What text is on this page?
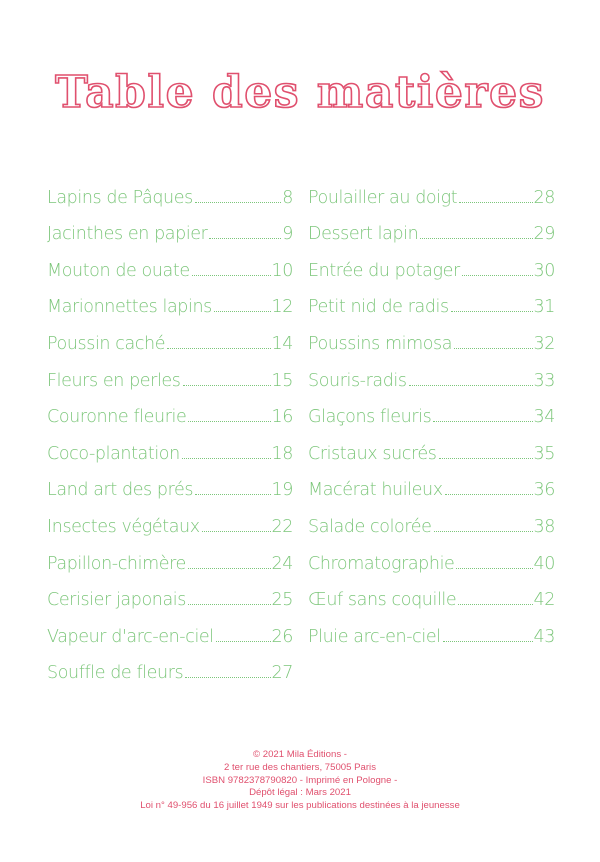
Table des matières
Lapins de Pâques	8
Jacinthes en papier	9
Mouton de ouate	10
Marionnettes lapins	12
Poussin caché	14
Fleurs en perles	15
Couronne fleurie	16
Coco-plantation	18
Land art des prés	19
Insectes végétaux	22
Papillon-chimère	24
Cerisier japonais	25
Vapeur d'arc-en-ciel	26
Souffle de fleurs	27
Poulailler au doigt	28
Dessert lapin	29
Entrée du potager	30
Petit nid de radis	31
Poussins mimosa	32
Souris-radis	33
Glaçons fleuris	34
Cristaux sucrés	35
Macérat huileux	36
Salade colorée	38
Chromatographie	40
Œuf sans coquille	42
Pluie arc-en-ciel	43
© 2021 Mila Éditions -
2 ter rue des chantiers, 75005 Paris
ISBN 9782378790820 - Imprimé en Pologne -
Dépôt légal : Mars 2021
Loi n° 49-956 du 16 juillet 1949 sur les publications destinées à la jeunesse
